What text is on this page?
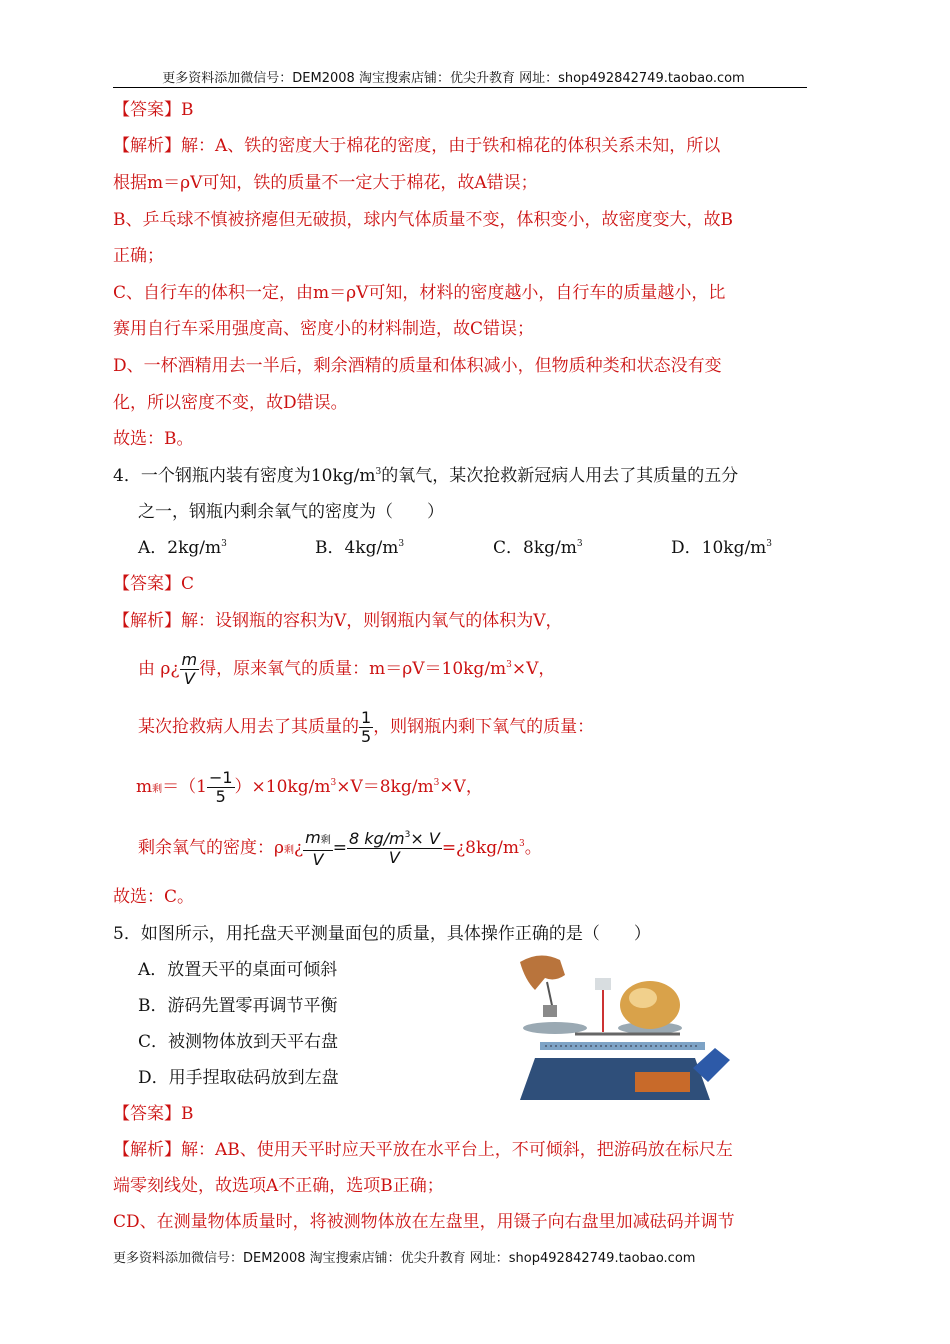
更多资料添加微信号：DEM2008 淘宝搜索店铺：优尖升教育 网址：shop492842749.taobao.com
【答案】B
【解析】解：A、铁的密度大于棉花的密度，由于铁和棉花的体积关系未知，所以
根据m＝ρV可知，铁的质量不一定大于棉花，故A错误；
B、乒乓球不慎被挤瘪但无破损，球内气体质量不变，体积变小，故密度变大，故B
正确；
C、自行车的体积一定，由m＝ρV可知，材料的密度越小，自行车的质量越小，比
赛用自行车采用强度高、密度小的材料制造，故C错误；
D、一杯酒精用去一半后，剩余酒精的质量和体积减小，但物质种类和状态没有变
化，所以密度不变，故D错误。
故选：B。
4．一个钢瓶内装有密度为$10kg/m^3$的氧气，某次抢救新冠病人用去了其质量的五分
之一，钢瓶内剩余氧气的密度为（　　）
A．$2kg/m^3$	B．$4kg/m^3$	C．$8kg/m^3$	D．$10kg/m^3$
【答案】C
【解析】解：设钢瓶的容积为V，则钢瓶内氧气的体积为V，
由 ρ¿ $\frac{m}{V}$ 得，原来氧气的质量：$m=\rho V=10kg/m^3\times V$，
某次抢救病人用去了其质量的 $\frac{1}{5}$ ，则钢瓶内剩下氧气的质量：
m剩$=(1 \frac{-1}{5} )\times 10kg/m^3\times V=8kg/m^3\times V$，
剩余氧气的密度：ρ剩¿ $\frac{\text{m剩}}{V} = \frac{8 kg/m^3\times V}{V}$ $=¿8kg/m^3$。
故选：C。
5．如图所示，用托盘天平测量面包的质量，具体操作正确的是（　　）
A．放置天平的桌面可倾斜
B．游码先置零再调节平衡
C．被测物体放到天平右盘
D．用手捏取砝码放到左盘
【答案】B
【解析】解：AB、使用天平时应天平放在水平台上，不可倾斜，把游码放在标尺左
端零刻线处，故选项A不正确，选项B正确；
CD、在测量物体质量时，将被测物体放在左盘里，用镊子向右盘里加减砝码并调节
更多资料添加微信号：DEM2008 淘宝搜索店铺：优尖升教育 网址：shop492842749.taobao.com
